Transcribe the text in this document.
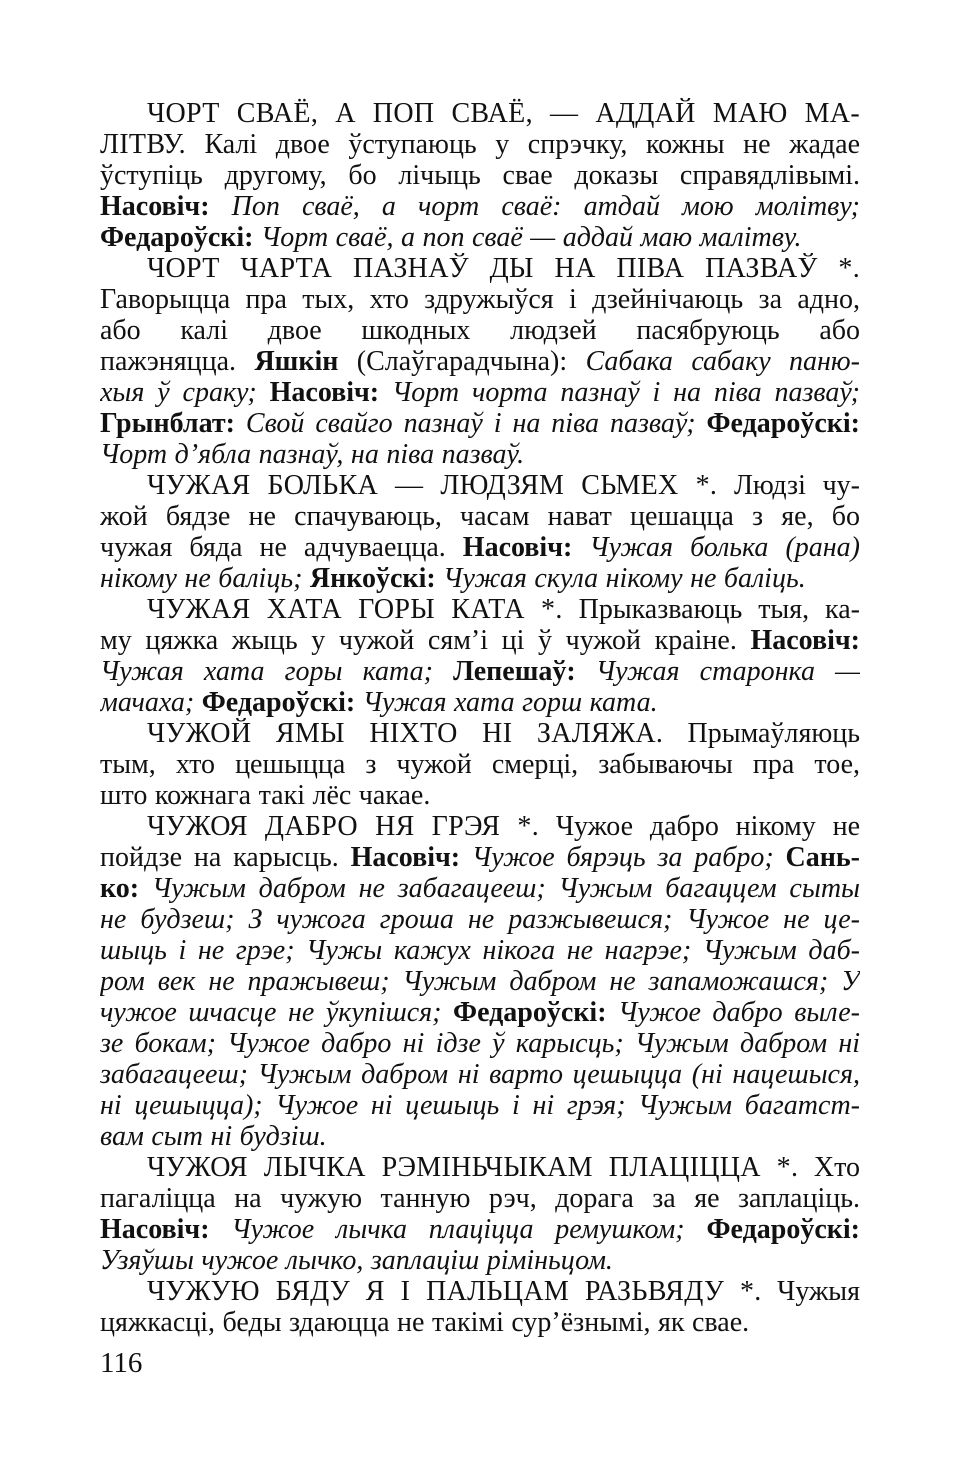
ЧОРТ СВАЁ, А ПОП СВАЁ, — АДДАЙ МАЮ МА-
ЛІТВУ. Калі двое ўступаюць у спрэчку, кожны не жадае
ўступіць другому, бо лічыць свае доказы справядлівымі.
Насовіч: Поп сваё, а чорт сваё: атдай мою молітву;
Федароўскі: Чорт сваё, а поп сваё — аддай маю малітву.
ЧОРТ ЧАРТА ПАЗНАЎ ДЫ НА ПІВА ПАЗВАЎ *.
Гаворыцца пра тых, хто здружыўся і дзейнічаюць за адно,
або калі двое шкодных людзей пасябруюць або
пажэняцца. Яшкін (Слаўгарадчына): Сабака сабаку паню-
хыя ў сраку; Насовіч: Чорт чорта пазнаў і на піва пазваў;
Грынблат: Свой свайго пазнаў і на піва пазваў; Федароўскі:
Чорт д’ябла пазнаў, на піва пазваў.
ЧУЖАЯ БОЛЬКА — ЛЮДЗЯМ СЬМЕХ *. Людзі чу-
жой бядзе не спачуваюць, часам нават цешацца з яе, бо
чужая бяда не адчуваецца. Насовіч: Чужая болька (рана)
нікому не баліць; Янкоўскі: Чужая скула нікому не баліць.
ЧУЖАЯ ХАТА ГОРЫ КАТА *. Прыказваюць тыя, ка-
му цяжка жыць у чужой сям’і ці ў чужой краіне. Насовіч:
Чужая хата горы ката; Лепешаў: Чужая старонка —
мачаха; Федароўскі: Чужая хата горш ката.
ЧУЖОЙ ЯМЫ НІХТО НІ ЗАЛЯЖА. Прымаўляюць
тым, хто цешыцца з чужой смерці, забываючы пра тое,
што кожнага такі лёс чакае.
ЧУЖОЯ ДАБРО НЯ ГРЭЯ *. Чужое дабро нікому не
пойдзе на карысць. Насовіч: Чужое бярэць за рабро; Сань-
ко: Чужым дабром не забагацееш; Чужым багаццем сыты
не будзеш; З чужога гроша не разжывешся; Чужое не це-
шыць і не грэе; Чужы кажух нікога не нагрэе; Чужым даб-
ром век не пражывеш; Чужым дабром не запаможашся; У
чужое шчасце не ўкупішся; Федароўскі: Чужое дабро выле-
зе бокам; Чужое дабро ні ідзе ў карысць; Чужым дабром ні
забагацееш; Чужым дабром ні варто цешыцца (ні нацешыся,
ні цешыцца); Чужое ні цешыць і ні грэя; Чужым багатст-
вам сыт ні будзіш.
ЧУЖОЯ ЛЫЧКА РЭМІНЬЧЫКАМ ПЛАЦІЦЦА *. Хто
пагаліцца на чужую танную рэч, дорага за яе заплаціць.
Насовіч: Чужое лычка плаціцца ремушком; Федароўскі:
Узяўшы чужое лычко, заплаціш ріміньцом.
ЧУЖУЮ БЯДУ Я І ПАЛЬЦАМ РАЗЬВЯДУ *. Чужыя
цяжкасці, беды здаюцца не такімі сур’ёзнымі, як свае.
116
